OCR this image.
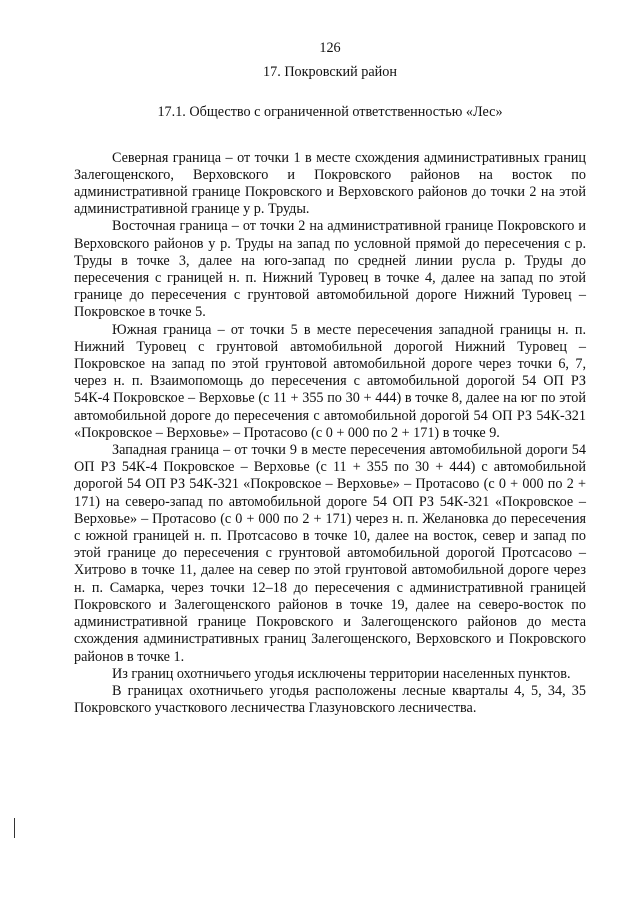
126

17. Покровский район

17.1. Общество с ограниченной ответственностью «Лес»

Северная граница – от точки 1 в месте схождения административных границ Залегощенского, Верховского и Покровского районов на восток по административной границе Покровского и Верховского районов до точки 2 на этой административной границе у р. Труды.

Восточная граница – от точки 2 на административной границе Покровского и Верховского районов у р. Труды на запад по условной прямой до пересечения с р. Труды в точке 3, далее на юго-запад по средней линии русла р. Труды до пересечения с границей н. п. Нижний Туровец в точке 4, далее на запад по этой границе до пересечения с грунтовой автомобильной дороге Нижний Туровец – Покровское в точке 5.

Южная граница – от точки 5 в месте пересечения западной границы н. п. Нижний Туровец с грунтовой автомобильной дорогой Нижний Туровец – Покровское на запад по этой грунтовой автомобильной дороге через точки 6, 7, через н. п. Взаимопомощь до пересечения с автомобильной дорогой 54 ОП РЗ 54К-4 Покровское – Верховье (с 11 + 355 по 30 + 444) в точке 8, далее на юг по этой автомобильной дороге до пересечения с автомобильной дорогой 54 ОП РЗ 54К-321 «Покровское – Верховье» – Протасово (с 0 + 000 по 2 + 171) в точке 9.

Западная граница – от точки 9 в месте пересечения автомобильной дороги 54 ОП РЗ 54К-4 Покровское – Верховье (с 11 + 355 по 30 + 444) с автомобильной дорогой 54 ОП РЗ 54К-321 «Покровское – Верховье» – Протасово (с 0 + 000 по 2 + 171) на северо-запад по автомобильной дороге 54 ОП РЗ 54К-321 «Покровское – Верховье» – Протасово (с 0 + 000 по 2 + 171) через н. п. Желановка до пересечения с южной границей н. п. Протсасово в точке 10, далее на восток, север и запад по этой границе до пересечения с грунтовой автомобильной дорогой Протсасово – Хитрово в точке 11, далее на север по этой грунтовой автомобильной дороге через н. п. Самарка, через точки 12–18 до пересечения с административной границей Покровского и Залегощенского районов в точке 19, далее на северо-восток по административной границе Покровского и Залегощенского районов до места схождения административных границ Залегощенского, Верховского и Покровского районов в точке 1.

Из границ охотничьего угодья исключены территории населенных пунктов.

В границах охотничьего угодья расположены лесные кварталы 4, 5, 34, 35 Покровского участкового лесничества Глазуновского лесничества.
